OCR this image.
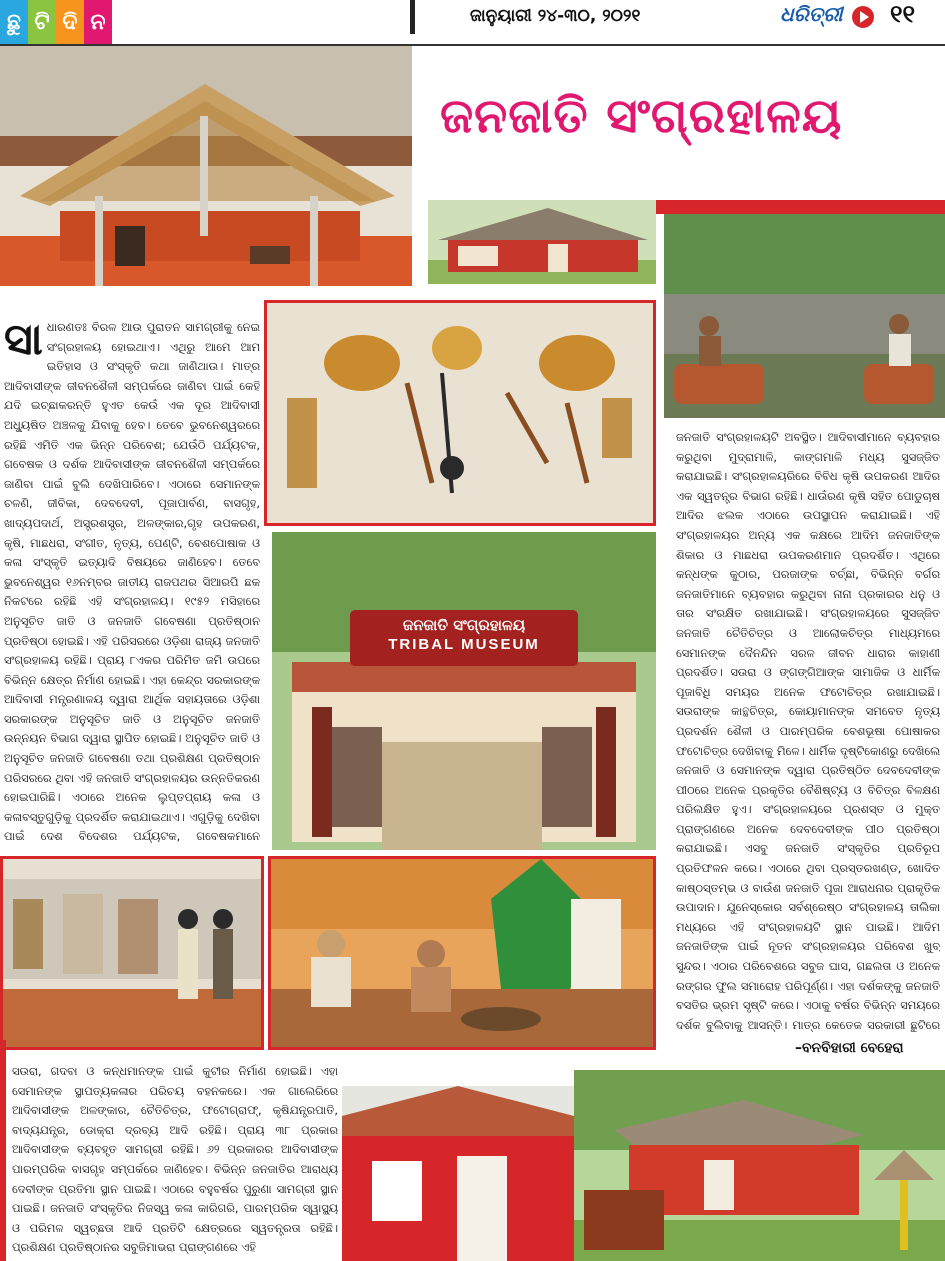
ଛୁ ଟି ଦି ନ	ଜାନୁୟାରୀ ୨୪-୩୦, ୨୦୨୧	ଧରିତ୍ରୀ ୧୧
ଜନଜାତି ସଂଗ୍ରହାଳୟ
ସାଧାରଣତଃ ବିରଳ ଆଉ ପୁରାତନ ସାମଗ୍ରୀକୁ ନେଇ ସଂଗ୍ରହାଳୟ ହୋଇଥାଏ। ଏଥିରୁ ଆମେ ଆମ ଇତିହାସ ଓ ସଂସ୍କୃତି କଥା ଜାଣିଥାଉ। ମାତ୍ର ଆଦିବାସୀଙ୍କ ଜୀବନଶୈଳୀ ସମ୍ପର୍କରେ ଜାଣିବା ପାଇଁ କେହି ଯଦି ଇଚ୍ଛାକରନ୍ତି ହୁଏତ କେଉଁ ଏକ ଦୂର ଆଦିବାସୀ ଅଧ୍ୟୁଷିତ ଅଞ୍ଚଳକୁ ଯିବାକୁ ହେବ। ତେବେ ଭୁବନେଶ୍ୱରରେ ରହିଛି ଏମିତି ଏକ ଭିନ୍ନ ପରିବେଶ; ଯେଉଁଠି ପର୍ଯ୍ୟଟକ, ଗବେଷକ ଓ ଦର୍ଶକ ଆଦିବାସୀଙ୍କ ଜୀବନଶୈଳୀ ସମ୍ପର୍କରେ ଜାଣିବା ପାଇଁ ବୁଲି ଦେଖିପାରିବେ। ଏଠାରେ ସେମାନଙ୍କ ଚଳଣି, ଜୀବିକା, ଦେବଦେବୀ, ପୂଜାପାର୍ବଣ, ବାସଗୃହ, ଖାଦ୍ୟପଦାର୍ଥ, ଅସ୍ତ୍ରଶସ୍ତ୍ର, ଅଳଙ୍କାର,ଗୃହ ଉପକରଣ, କୃଷି, ମାଛଧରା, ସଂଗୀତ, ନୃତ୍ୟ, ପେଣ୍ଟି, ବେଶପୋଷାକ ଓ କଳା ସଂସ୍କୃତି ଇତ୍ୟାଦି ବିଷୟରେ ଜାଣିହେବ। ତେବେ ଭୁବନେଶ୍ୱର ୧୬ନମ୍ବର ଜାତୀୟ ରାଜପଥର ସିଆରପି ଛକ ନିକଟରେ ରହିଛି ଏହି ସଂଗ୍ରହାଳୟ। ୧୯୫୨ ମସିହାରେ ଅନୁସୂଚିତ ଜାତି ଓ ଜନଜାତି ଗବେଷଣା ପ୍ରତିଷ୍ଠାନ ପ୍ରତିଷ୍ଠା ହୋଇଛି। ଏହି ପରିସରରେ ଓଡ଼ିଶା ରାଜ୍ୟ ଜନଜାତି ସଂଗ୍ରହାଳୟ ରହିଛି। ପ୍ରାୟ ୮ଏକର ପରିମିତ ଜମି ଉପରେ ବିଭିନ୍ନ କ୍ଷେତ୍ର ନିର୍ମାଣ ହୋଇଛି। ଏହା କେନ୍ଦ୍ର ସରକାରଙ୍କ ଆଦିବାସୀ ମନ୍ତ୍ରଣାଳୟ ଦ୍ୱାରା ଆର୍ଥିକ ସହାୟତାରେ ଓଡ଼ିଶା ସରକାରଙ୍କ ଅନୁସୂଚିତ ଜାତି ଓ ଅନୁସୂଚିତ ଜନଜାତି ଉନ୍ନୟନ ବିଭାଗ ଦ୍ୱାରା ସ୍ଥାପିତ ହୋଇଛି। ଅନୁସୂଚିତ ଜାତି ଓ ଅନୁସୂଚିତ ଜନଜାତି ଗବେଷଣା ତଥା ପ୍ରଶିକ୍ଷଣ ପ୍ରତିଷ୍ଠାନ ପରିସରରେ ଥିବା ଏହି ଜନଜାତି ସଂଗ୍ରହାଳୟର ଉନ୍ନତିକରଣ ହୋଇପାରିଛି। ଏଠାରେ ଅନେକ ଲୁପ୍ତପ୍ରାୟ କଳା ଓ କଳାବସ୍ତୁଗୁଡ଼ିକୁ ପ୍ରଦର୍ଶିତ କରାଯାଇଥାଏ। ଏଗୁଡ଼ିକୁ ଦେଖିବା ପାଇଁ ଦେଶ ବିଦେଶର ପର୍ଯ୍ୟଟକ, ଗବେଷକମାନେ
ଜନଜାତି ସଂଗ୍ରହାଳୟ
TRIBAL MUSEUM
ଜନଜାତି ସଂଗ୍ରହାଳୟଟି ଅବସ୍ଥିତ। ଆଦିବାସୀମାନେ ବ୍ୟବହାର କରୁଥିବା ମୁଦ୍ରାମାଳି, କାଙ୍ଗମାଳି ମଧ୍ୟ ସୁସଜ୍ଜିତ କରାଯାଇଛି। ସଂଗ୍ରହାଳୟରିରେ ବିବିଧ କୃଷି ଉପକରଣ ଆଦିର ଏକ ସ୍ୱତନ୍ତ୍ର ବିଭାଗ ରହିଛି। ଧାଉଁରଣ କୃଷି ସହିତ ପୋଡୁଚାଷ ଆଦିର ଝଲକ ଏଠାରେ ଉପସ୍ଥାପନ କରାଯାଇଛି। ଏହି ସଂଗ୍ରହାଳୟର ଅନ୍ୟ ଏକ କକ୍ଷରେ ଆଦିମ ଜନଜାତିଙ୍କ ଶିକାର ଓ ମାଛଧରା ଉପକରଣମାନ ପ୍ରଦର୍ଶିତ। ଏଥିରେ କନ୍ଧଙ୍କ କୁଠାର, ପରଜାଙ୍କ ବର୍ଚ୍ଛା, ବିଭିନ୍ନ ବର୍ଗର ଜନଜାତିମାନେ ବ୍ୟବହାର କରୁଥିବା ନାନା ପ୍ରକାରର ଧନୁ ଓ ତାର ସଂରକ୍ଷିତ ରଖାଯାଇଛି। ସଂଗ୍ରହାଳୟରେ ସୁସଜ୍ଜିତ ଜନଜାତି ଚୈତିଚିତ୍ର ଓ ଆଲୋକଚିତ୍ର ମାଧ୍ୟମରେ ସେମାନଙ୍କ ଦୈନନ୍ଦିନ ସରଳ ଜୀବନ ଧାରାର କାହାଣୀ ପ୍ରଦର୍ଶିତ। ସଉରା ଓ ଙ୍ଗଙ୍ଗିଆଙ୍କ ସାମାଜିକ ଓ ଧାର୍ମିକ ପୂଜାବିଧି ସମୟର ଅନେକ ଫଟୋଚିତ୍ର ରଖାଯାଇଛି। ସଉରାଙ୍କ କାନ୍ଥଚିତ୍ର, କୋୟାମାନଙ୍କ ସମବେତ ନୃତ୍ୟ ପ୍ରଦର୍ଶନ ଶୈଳୀ ଓ ପାରମ୍ପରିକ ବେଶଭୂଷା ପୋଷାକର ଫଟୋଚିତ୍ର ଦେଖିବାକୁ ମିଳେ। ଧାର୍ମିକ ଦୃଷ୍ଟିକୋଣରୁ ଦେଖିଲେ ଜନଜାତି ଓ ସେମାନଙ୍କ ଦ୍ୱାରା ପ୍ରତିଷ୍ଠିତ ଦେବଦେବୀଙ୍କ ପୀଠରେ ଅନେକ ପ୍ରକୃତିର ବୈଶିଷ୍ଟ୍ୟ ଓ ବିଚିତ୍ର ବିଳକ୍ଷଣ ପରିଲକ୍ଷିତ ହୁଏ। ସଂଗ୍ରହାଳୟରେ ପ୍ରଶସ୍ତ ଓ ମୁକ୍ତ ପ୍ରାଙ୍ଗଣରେ ଅନେକ ଦେବଦେବୀଙ୍କ ପୀଠ ପ୍ରତିଷ୍ଠା କରାଯାଇଛି। ଏସବୁ ଜନଜାତି ସଂସ୍କୃତିର ପ୍ରତିରୂପ ପ୍ରତିଫଳନ କରେ। ଏଠାରେ ଥିବା ପ୍ରସ୍ତରଖଣ୍ଡ, ଖୋଦିତ କାଷ୍ଠସ୍ତମ୍ଭ ଓ ବାଉଁଶ ଜନଜାତି ପୂଜା ଆରାଧନାର ପ୍ରାକୃତିକ ଉପାଦାନ। ଯୁନେସ୍କୋର ସର୍ବଶ୍ରେଷ୍ଠ ସଂଗ୍ରହାଳୟ ତାଲିକା ମଧ୍ୟରେ ଏହି ସଂଗ୍ରହାଳୟଟି ସ୍ଥାନ ପାଇଛି। ଆଦିମ ଜନଜାତିଙ୍କ ପାଇଁ ନୂତନ ସଂଗ୍ରହାଳୟର ପରିବେଶ ଖୁବ୍ ସୁନ୍ଦର। ଏଠାର ପରିବେଶରେ ସବୁଜ ଘାସ, ଗଛଲତା ଓ ଅନେକ ରଙ୍ଗର ଫୁଲ ସମାରୋହ ପରିପୂର୍ଣ୍ଣ। ଏହା ଦର୍ଶକଙ୍କୁ ଜନଜାତି ବସତିର ଭ୍ରମ ସୃଷ୍ଟି କରେ। ଏଠାକୁ ବର୍ଷର ବିଭିନ୍ନ ସମୟରେ ଦର୍ଶକ ବୁଲିବାକୁ ଆସନ୍ତି। ମାତ୍ର କେତେକ ସରକାରୀ ଛୁଟିରେ
–ବନବିହାରୀ ବେହେରା
ସଉରା, ଗଦବା ଓ କନ୍ଧମାନଙ୍କ ପାଇଁ କୁଟୀର ନିର୍ମାଣ ହୋଇଛି। ଏହା ସେମାନଙ୍କ ସ୍ଥାପତ୍ୟକଳାର ପରିଚୟ ବହନକରେ। ଏକ ଗାଲେରିରେ ଆଦିବାସୀଙ୍କ ଅଳଙ୍କାର, ଚୈତିଚିତ୍ର, ଫଟୋଗ୍ରାଫ୍, କୃଷିଯନ୍ତ୍ରପାତି, ବାଦ୍ୟଯନ୍ତ୍ର, ଡୋକ୍ରା ଦ୍ରବ୍ୟ ଆଦି ରହିଛି। ପ୍ରାୟ ୩୮ ପ୍ରକାର ଆଦିବାସୀଙ୍କ ବ୍ୟବହୃତ ସାମଗ୍ରୀ ରହିଛି। ୬୨ ପ୍ରକାରର ଆଦିବାସୀଙ୍କ ପାରମ୍ପରିକ ବାସଗୃହ ସମ୍ପର୍କରେ ଜାଣିହେବ। ବିଭିନ୍ନ ଜନଜାତିର ଆରାଧ୍ୟ ଦେବୀଙ୍କ ପ୍ରତିମା ସ୍ଥାନ ପାଇଛି। ଏଠାରେ ବହୁବର୍ଷର ପୁରୁଣା ସାମଗ୍ରୀ ସ୍ଥାନ ପାଇଛି। ଜନଜାତି ସଂସ୍କୃତିର ନିଜସ୍ୱ କଳା କାରିଗରି, ପାରମ୍ପରିକ ସ୍ୱାସ୍ଥ୍ୟ ଓ ପରିମଳ ସ୍ୱଚ୍ଛତା ଆଦି ପ୍ରତିଟି କ୍ଷେତ୍ରରେ ସ୍ୱତନ୍ତ୍ରତା ରହିଛି। ପ୍ରଶିକ୍ଷଣ ପ୍ରତିଷ୍ଠାନର ସବୁଜିମାଭରା ପ୍ରାଙ୍ଗଣରେ ଏହି
